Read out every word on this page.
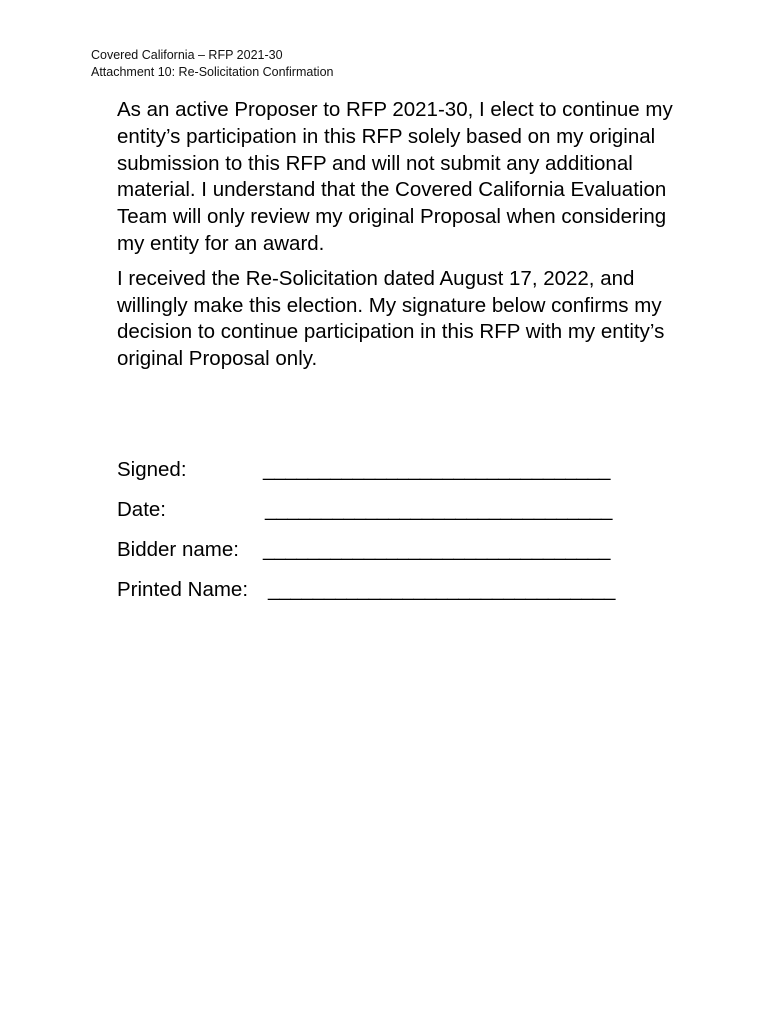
Covered California – RFP 2021-30
Attachment 10: Re-Solicitation Confirmation

As an active Proposer to RFP 2021-30, I elect to continue my entity’s participation in this RFP solely based on my original submission to this RFP and will not submit any additional material. I understand that the Covered California Evaluation Team will only review my original Proposal when considering my entity for an award.

I received the Re-Solicitation dated August 17, 2022, and willingly make this election. My signature below confirms my decision to continue participation in this RFP with my entity’s original Proposal only.

Signed:	_______________________________
Date:	_______________________________
Bidder name: _______________________________
Printed Name: _______________________________
